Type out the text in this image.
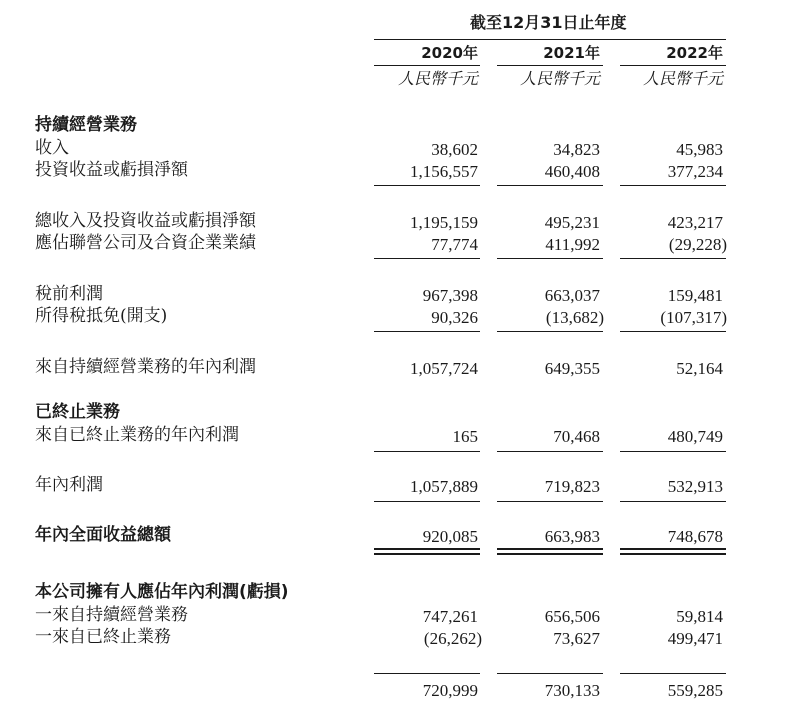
截至12月31日止年度
2020年	2021年	2022年
人民幣千元	人民幣千元	人民幣千元
持續經營業務
收入	38,602	34,823	45,983
投資收益或虧損淨額	1,156,557	460,408	377,234
總收入及投資收益或虧損淨額	1,195,159	495,231	423,217
應佔聯營公司及合資企業業績	77,774	411,992	(29,228)
稅前利潤	967,398	663,037	159,481
所得稅抵免(開支)	90,326	(13,682)	(107,317)
來自持續經營業務的年內利潤	1,057,724	649,355	52,164
已終止業務
來自已終止業務的年內利潤	165	70,468	480,749
年內利潤	1,057,889	719,823	532,913
年內全面收益總額	920,085	663,983	748,678
本公司擁有人應佔年內利潤(虧損)
一來自持續經營業務	747,261	656,506	59,814
一來自已終止業務	(26,262)	73,627	499,471
720,999	730,133	559,285
